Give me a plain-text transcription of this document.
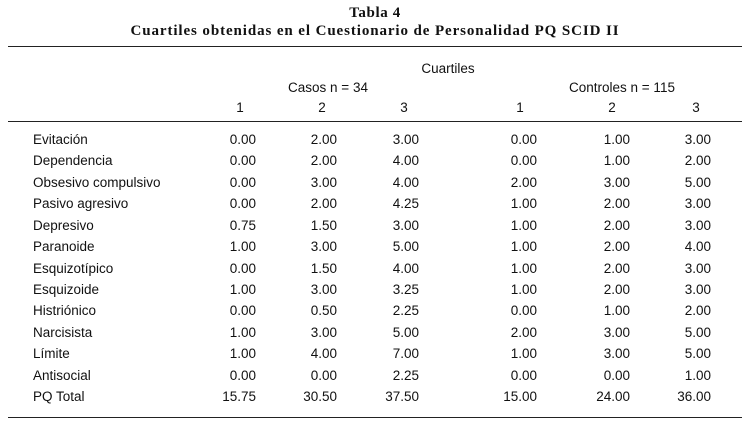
Tabla 4
Cuartiles obtenidas en el Cuestionario de Personalidad PQ SCID II
Cuartiles
Casos n = 34	Controles n = 115
1	2	3	1	2	3
Evitación	0.00	2.00	3.00	0.00	1.00	3.00
Dependencia	0.00	2.00	4.00	0.00	1.00	2.00
Obsesivo compulsivo	0.00	3.00	4.00	2.00	3.00	5.00
Pasivo agresivo	0.00	2.00	4.25	1.00	2.00	3.00
Depresivo	0.75	1.50	3.00	1.00	2.00	3.00
Paranoide	1.00	3.00	5.00	1.00	2.00	4.00
Esquizotípico	0.00	1.50	4.00	1.00	2.00	3.00
Esquizoide	1.00	3.00	3.25	1.00	2.00	3.00
Histriónico	0.00	0.50	2.25	0.00	1.00	2.00
Narcisista	1.00	3.00	5.00	2.00	3.00	5.00
Límite	1.00	4.00	7.00	1.00	3.00	5.00
Antisocial	0.00	0.00	2.25	0.00	0.00	1.00
PQ Total	15.75	30.50	37.50	15.00	24.00	36.00
